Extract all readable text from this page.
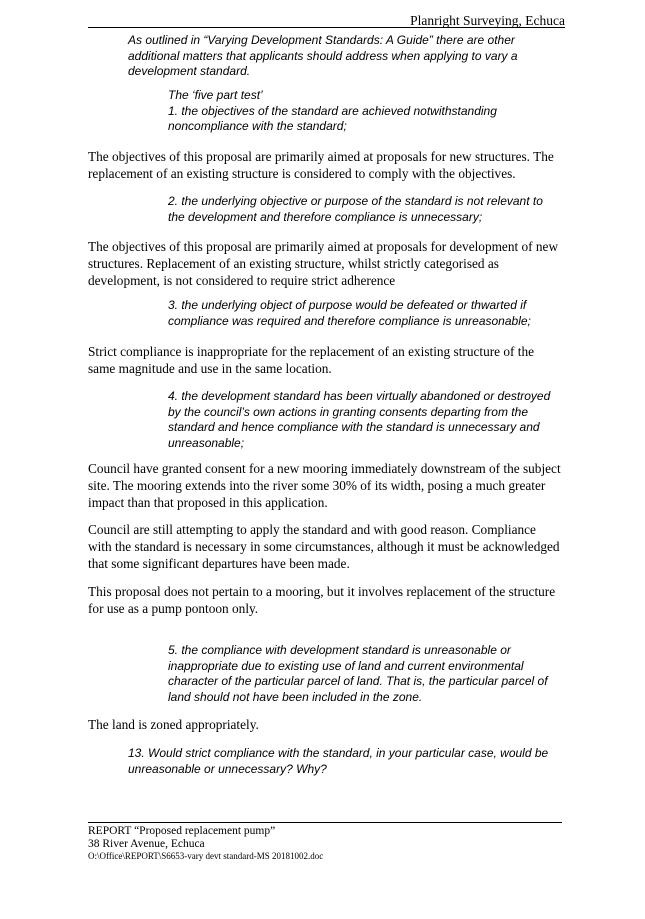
Planright Surveying, Echuca
As outlined in “Varying Development Standards: A Guide” there are other
additional matters that applicants should address when applying to vary a
development standard.
The ‘five part test’
1. the objectives of the standard are achieved notwithstanding
noncompliance with the standard;
The objectives of this proposal are primarily aimed at proposals for new structures. The
replacement of an existing structure is considered to comply with the objectives.
2. the underlying objective or purpose of the standard is not relevant to
the development and therefore compliance is unnecessary;
The objectives of this proposal are primarily aimed at proposals for development of new
structures. Replacement of an existing structure, whilst strictly categorised as
development, is not considered to require strict adherence
3. the underlying object of purpose would be defeated or thwarted if
compliance was required and therefore compliance is unreasonable;
Strict compliance is inappropriate for the replacement of an existing structure of the
same magnitude and use in the same location.
4. the development standard has been virtually abandoned or destroyed
by the council’s own actions in granting consents departing from the
standard and hence compliance with the standard is unnecessary and
unreasonable;
Council have granted consent for a new mooring immediately downstream of the subject
site. The mooring extends into the river some 30% of its width, posing a much greater
impact than that proposed in this application.
Council are still attempting to apply the standard and with good reason. Compliance
with the standard is necessary in some circumstances, although it must be acknowledged
that some significant departures have been made.
This proposal does not pertain to a mooring, but it involves replacement of the structure
for use as a pump pontoon only.
5. the compliance with development standard is unreasonable or
inappropriate due to existing use of land and current environmental
character of the particular parcel of land. That is, the particular parcel of
land should not have been included in the zone.
The land is zoned appropriately.
13. Would strict compliance with the standard, in your particular case, would be
unreasonable or unnecessary? Why?
REPORT “Proposed replacement pump”
38 River Avenue, Echuca
O:\Office\REPORT\S6653-vary devt standard-MS 20181002.doc
